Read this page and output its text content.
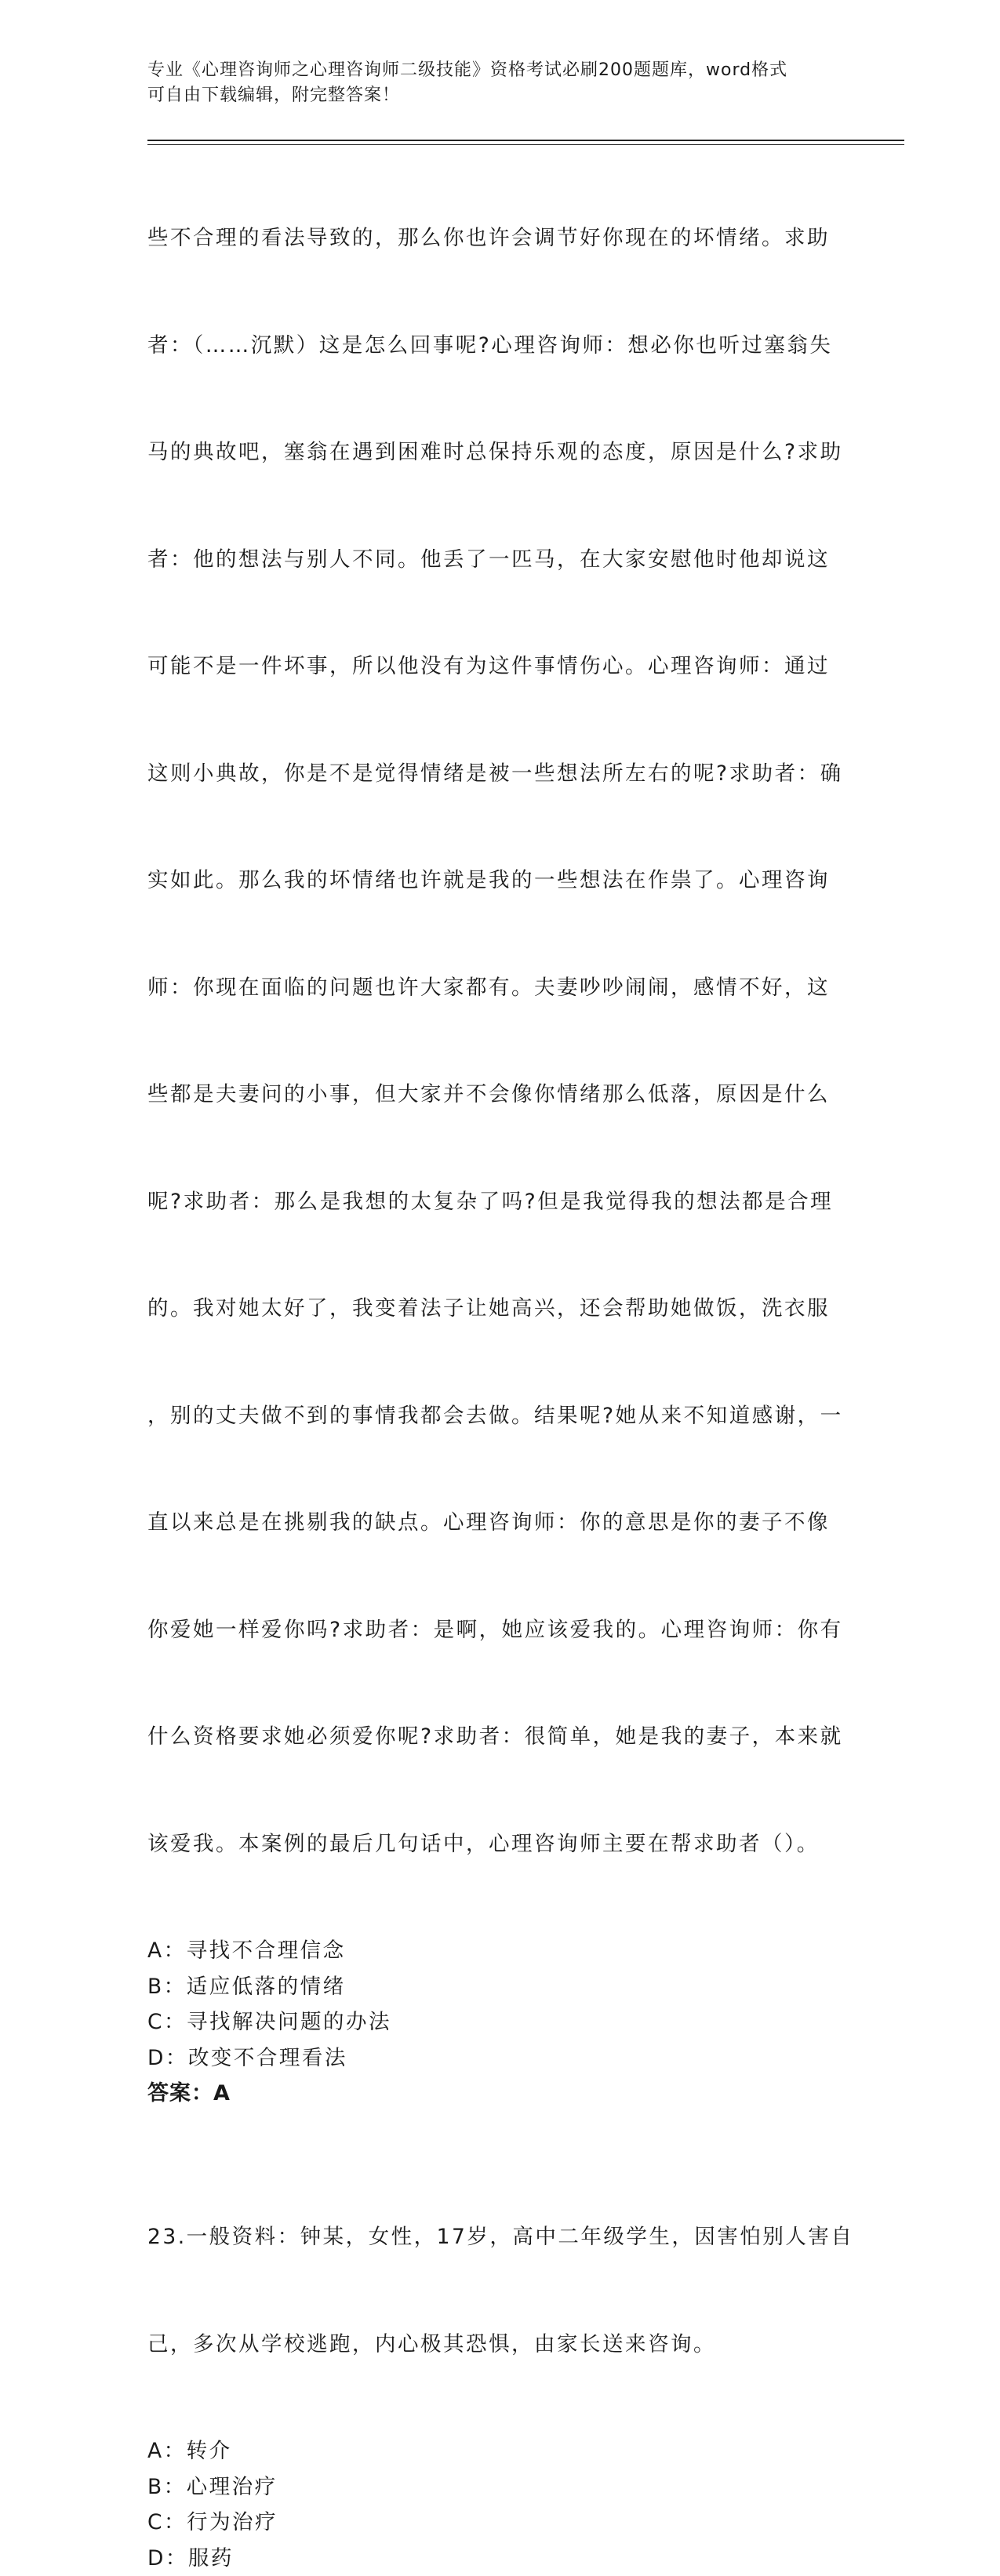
专业《心理咨询师之心理咨询师二级技能》资格考试必刷200题题库，word格式
可自由下载编辑，附完整答案！

些不合理的看法导致的，那么你也许会调节好你现在的坏情绪。求助

者：（……沉默）这是怎么回事呢?心理咨询师：想必你也听过塞翁失

马的典故吧，塞翁在遇到困难时总保持乐观的态度，原因是什么?求助

者：他的想法与别人不同。他丢了一匹马，在大家安慰他时他却说这

可能不是一件坏事，所以他没有为这件事情伤心。心理咨询师：通过

这则小典故，你是不是觉得情绪是被一些想法所左右的呢?求助者：确

实如此。那么我的坏情绪也许就是我的一些想法在作祟了。心理咨询

师：你现在面临的问题也许大家都有。夫妻吵吵闹闹，感情不好，这

些都是夫妻问的小事，但大家并不会像你情绪那么低落，原因是什么

呢?求助者：那么是我想的太复杂了吗?但是我觉得我的想法都是合理

的。我对她太好了，我变着法子让她高兴，还会帮助她做饭，洗衣服

，别的丈夫做不到的事情我都会去做。结果呢?她从来不知道感谢，一

直以来总是在挑剔我的缺点。心理咨询师：你的意思是你的妻子不像

你爱她一样爱你吗?求助者：是啊，她应该爱我的。心理咨询师：你有

什么资格要求她必须爱你呢?求助者：很简单，她是我的妻子，本来就

该爱我。本案例的最后几句话中，心理咨询师主要在帮求助者（）。

A：寻找不合理信念
B：适应低落的情绪
C：寻找解决问题的办法
D：改变不合理看法
答案：A

23.一般资料：钟某，女性，17岁，高中二年级学生，因害怕别人害自

己，多次从学校逃跑，内心极其恐惧，由家长送来咨询。

A：转介
B：心理治疗
C：行为治疗
D：服药
